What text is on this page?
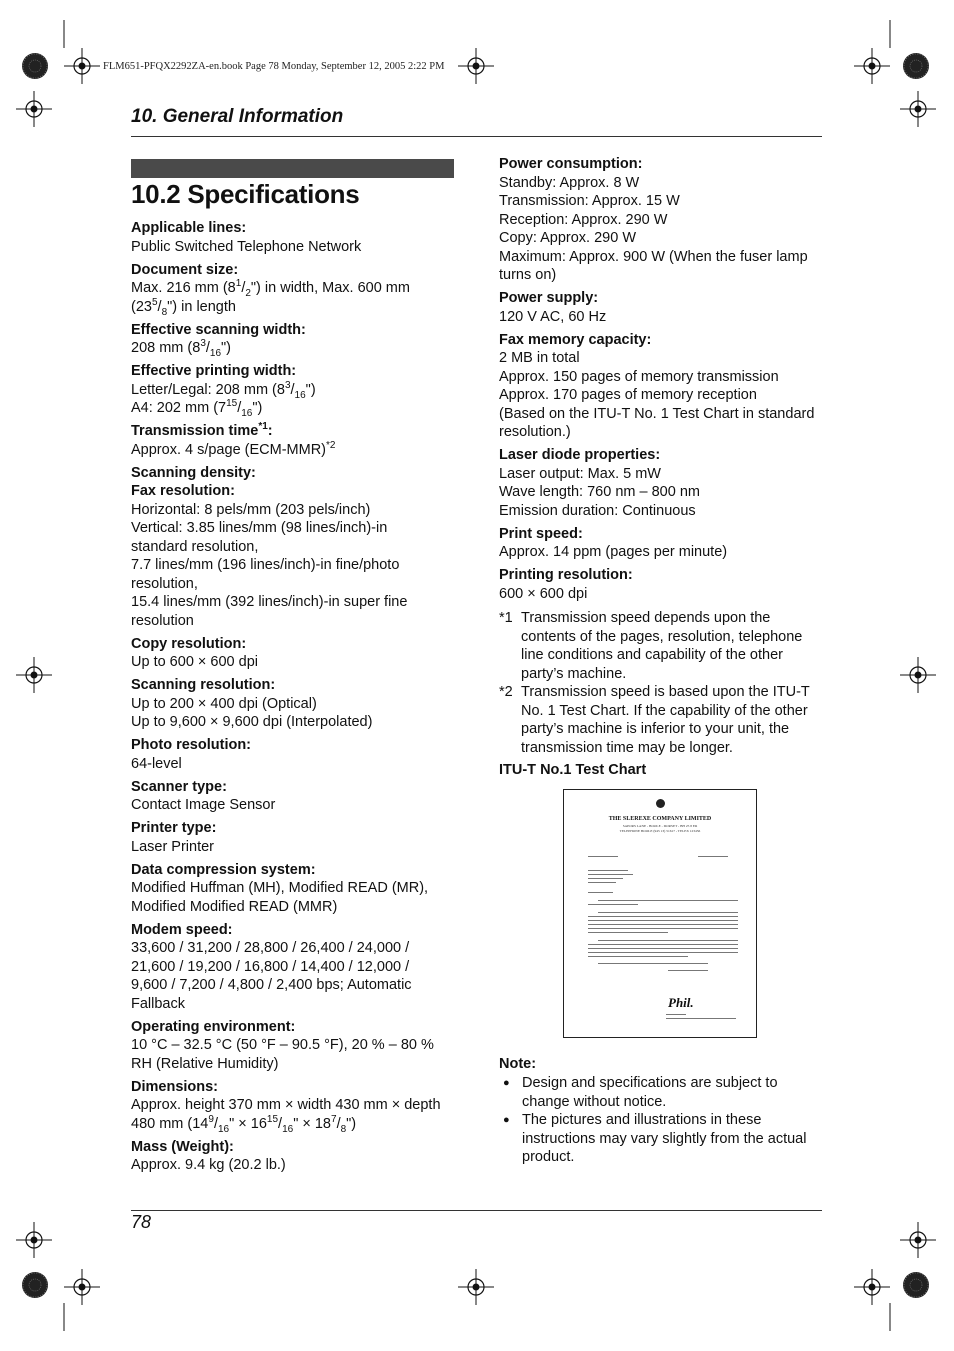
FLM651-PFQX2292ZA-en.book Page 78 Monday, September 12, 2005 2:22 PM
10. General Information
10.2 Specifications
Applicable lines:
Public Switched Telephone Network
Document size:
Max. 216 mm $(8^1/_2")$ in width, Max. 600 mm
$(23^5/_8")$ in length
Effective scanning width:
208 mm $(8^3/_{16}")$
Effective printing width:
Letter/Legal: 208 mm $(8^3/_{16}")$
A4: 202 mm $(7^{15}/_{16}")$
Transmission time$^{*1}$:
Approx. 4 s/page $(ECM-MMR)^{*2}$
Scanning density:
Fax resolution:
Horizontal: 8 pels/mm (203 pels/inch)
Vertical: 3.85 lines/mm (98 lines/inch)-in
standard resolution,
7.7 lines/mm (196 lines/inch)-in fine/photo
resolution,
15.4 lines/mm (392 lines/inch)-in super fine
resolution
Copy resolution:
Up to 600 × 600 dpi
Scanning resolution:
Up to 200 × 400 dpi (Optical)
Up to 9,600 × 9,600 dpi (Interpolated)
Photo resolution:
64-level
Scanner type:
Contact Image Sensor
Printer type:
Laser Printer
Data compression system:
Modified Huffman (MH), Modified READ (MR),
Modified Modified READ (MMR)
Modem speed:
33,600 / 31,200 / 28,800 / 26,400 / 24,000 /
21,600 / 19,200 / 16,800 / 14,400 / 12,000 /
9,600 / 7,200 / 4,800 / 2,400 bps; Automatic
Fallback
Operating environment:
10 °C – 32.5 °C (50 °F – 90.5 °F), 20 % – 80 %
RH (Relative Humidity)
Dimensions:
Approx. height 370 mm × width 430 mm × depth
480 mm ($14^9/_{16}$" × $16^{15}/_{16}$" × $18^7/_8$")
Mass (Weight):
Approx. 9.4 kg (20.2 lb.)
Power consumption:
Standby: Approx. 8 W
Transmission: Approx. 15 W
Reception: Approx. 290 W
Copy: Approx. 290 W
Maximum: Approx. 900 W (When the fuser lamp
turns on)
Power supply:
120 V AC, 60 Hz
Fax memory capacity:
2 MB in total
Approx. 150 pages of memory transmission
Approx. 170 pages of memory reception
(Based on the ITU-T No. 1 Test Chart in standard
resolution.)
Laser diode properties:
Laser output: Max. 5 mW
Wave length: 760 nm – 800 nm
Emission duration: Continuous
Print speed:
Approx. 14 ppm (pages per minute)
Printing resolution:
600 × 600 dpi
*1 Transmission speed depends upon the
contents of the pages, resolution, telephone
line conditions and capability of the other
party’s machine.
*2 Transmission speed is based upon the ITU-T
No. 1 Test Chart. If the capability of the other
party’s machine is inferior to your unit, the
transmission time may be longer.
ITU-T No.1 Test Chart
THE SLEREXE COMPANY LIMITED
SAPORS LANE - BOOLE - DORSET - BH 25 8 ER
TELEPHONE BOOLE (945 13) 51617 - TELEX 123456
Phil.
Note:
● Design and specifications are subject to
change without notice.
● The pictures and illustrations in these
instructions may vary slightly from the actual
product.
78
